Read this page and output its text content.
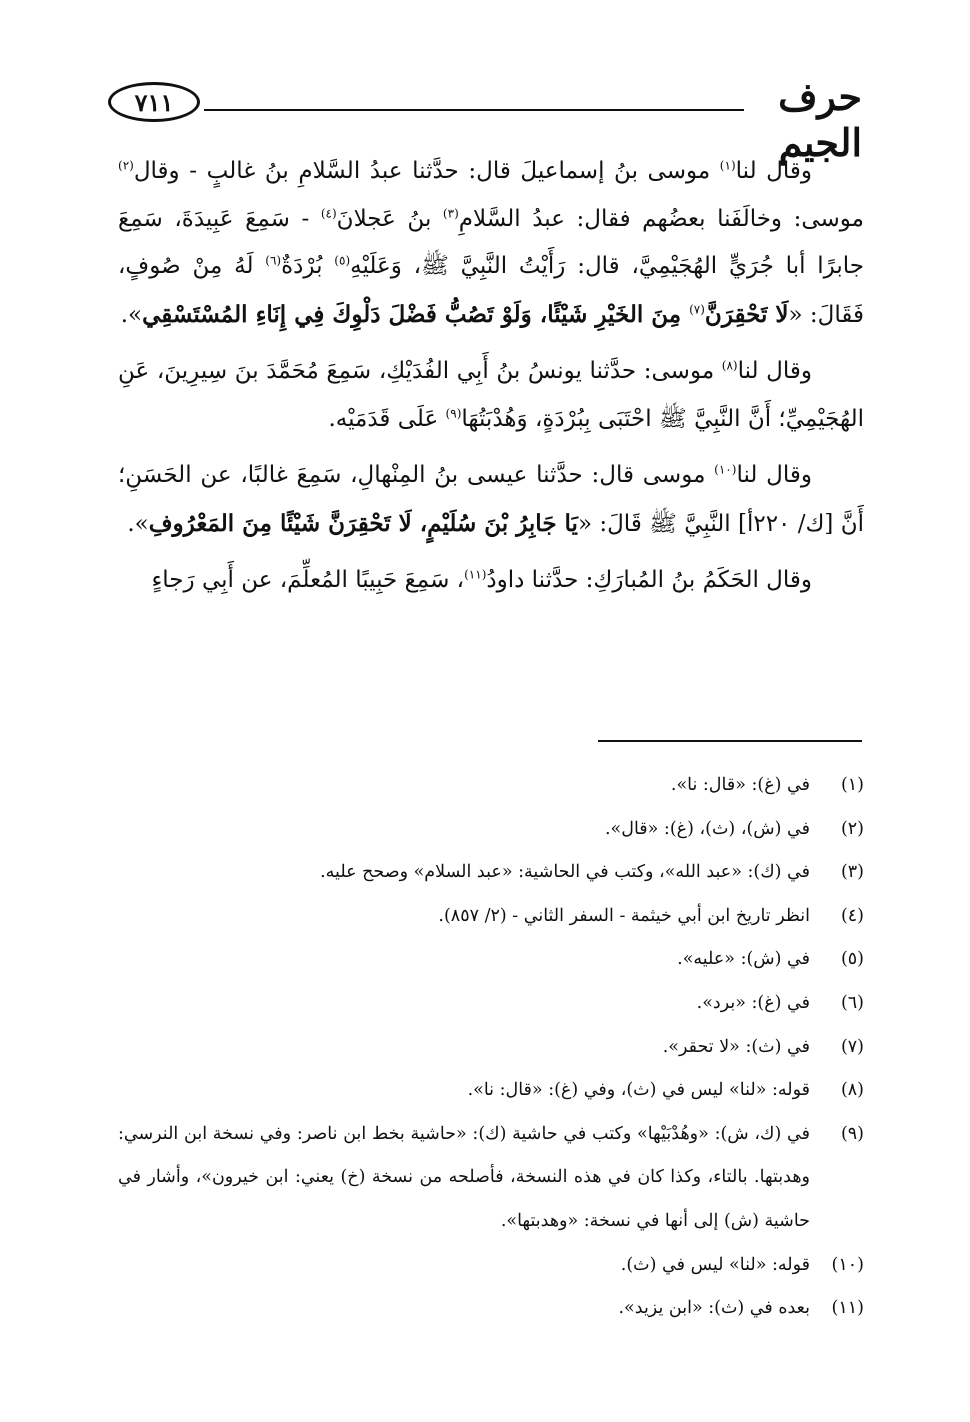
٧١١	حرف الجيم

وقال لنا$^{(١)}$ موسى بنُ إسماعيلَ قال: حدَّثنا عبدُ السَّلامِ بنُ غالبٍ - وقال$^{(٢)}$ موسى: وخالَفَنا بعضُهم فقال: عبدُ السَّلامِ$^{(٣)}$ بنُ عَجلانَ$^{(٤)}$ - سَمِعَ عَبِيدَةَ، سَمِعَ جابرًا أبا جُرَيٍّ الهُجَيْمِيَّ، قال: رَأَيْتُ النَّبِيَّ ﷺ، وَعَلَيْهِ$^{(٥)}$ بُرْدَةٌ$^{(٦)}$ لَهُ مِنْ صُوفٍ، فَقَالَ: «لَا تَحْقِرَنَّ$^{(٧)}$ مِنَ الخَيْرِ شَيْئًا، وَلَوْ تَصُبُّ فَضْلَ دَلْوِكَ فِي إِنَاءِ المُسْتَسْقِي».

وقال لنا$^{(٨)}$ موسى: حدَّثنا يونسُ بنُ أَبِي الفُدَيْكِ، سَمِعَ مُحَمَّدَ بنَ سِيرِينَ، عَنِ الهُجَيْمِيِّ؛ أَنَّ النَّبِيَّ ﷺ احْتَبَى بِبُرْدَةٍ، وَهُدْبَتُهَا$^{(٩)}$ عَلَى قَدَمَيْه.

وقال لنا$^{(١٠)}$ موسى قال: حدَّثنا عيسى بنُ المِنْهالِ، سَمِعَ غالبًا، عن الحَسَنِ؛ أَنَّ [ك/ ٢٢٠أ] النَّبِيَّ ﷺ قَالَ: «يَا جَابِرُ بْنَ سُلَيْمٍ، لَا تَحْقِرَنَّ شَيْئًا مِنَ المَعْرُوفِ».

وقال الحَكَمُ بنُ المُبارَكِ: حدَّثنا داودُ$^{(١١)}$، سَمِعَ حَبِيبًا المُعلِّمَ، عن أَبِي رَجاءٍ

(١)
في (غ): «قال: نا».
(٢)
في (ش)، (ث)، (غ): «قال».
(٣)
في (ك): «عبد الله»، وكتب في الحاشية: «عبد السلام» وصحح عليه.
(٤)
انظر تاريخ ابن أبي خيثمة - السفر الثاني - (٢/ ٨٥٧).
(٥)
في (ش): «عليه».
(٦)
في (غ): «برد».
(٧)
في (ث): «لا تحقر».
(٨)
قوله: «لنا» ليس في (ث)، وفي (غ): «قال: نا».
(٩)
في (ك، ش): «وهُدْبَيْها» وكتب في حاشية (ك): «حاشية بخط ابن ناصر: وفي نسخة ابن النرسي: وهدبتها. بالتاء، وكذا كان في هذه النسخة، فأصلحه من نسخة (خ) يعني: ابن خيرون»، وأشار في حاشية (ش) إلى أنها في نسخة: «وهدبتها».
(١٠)
قوله: «لنا» ليس في (ث).
(١١)
بعده في (ث): «ابن يزيد».
